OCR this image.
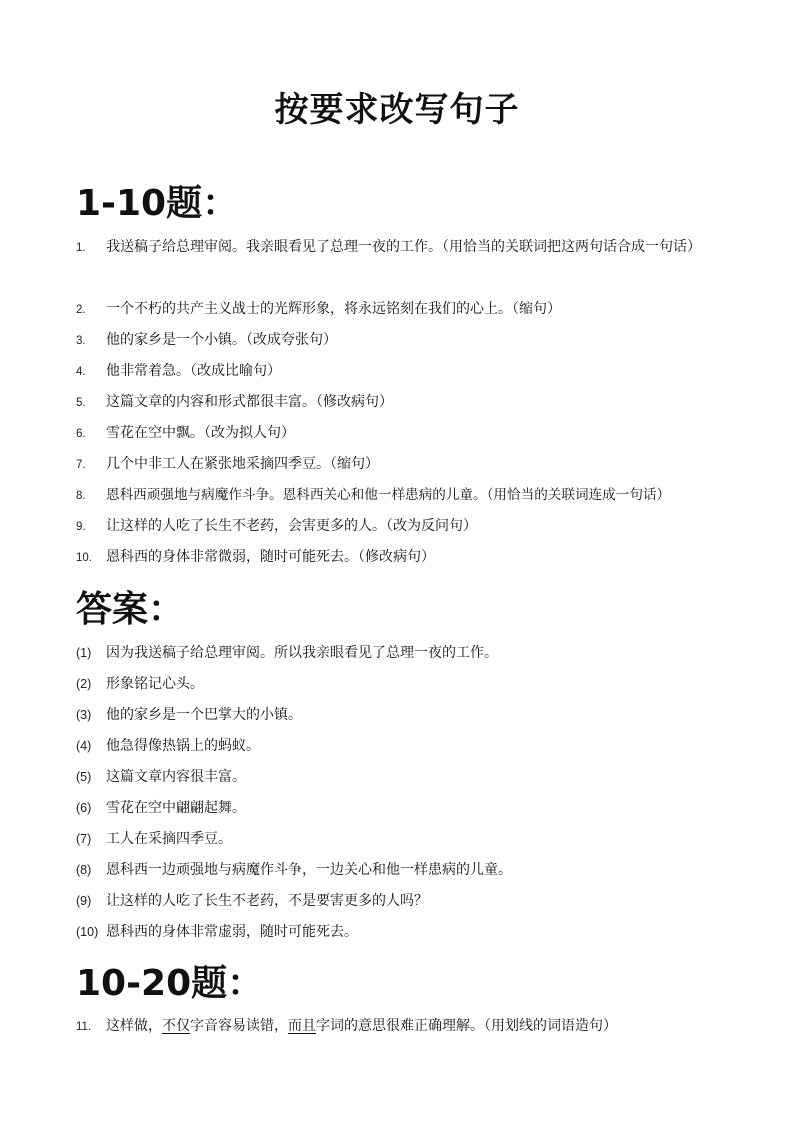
按要求改写句子
1-10题：
1. 我送稿子给总理审阅。我亲眼看见了总理一夜的工作。（用恰当的关联词把这两句话合成一句话）
2. 一个不朽的共产主义战士的光辉形象，将永远铭刻在我们的心上。（缩句）
3. 他的家乡是一个小镇。（改成夸张句）
4. 他非常着急。（改成比喻句）
5. 这篇文章的内容和形式都很丰富。（修改病句）
6. 雪花在空中飘。（改为拟人句）
7. 几个中非工人在紧张地采摘四季豆。（缩句）
8. 恩科西顽强地与病魔作斗争。恩科西关心和他一样患病的儿童。（用恰当的关联词连成一句话）
9. 让这样的人吃了长生不老药，会害更多的人。（改为反问句）
10. 恩科西的身体非常微弱，随时可能死去。（修改病句）
答案：
(1) 因为我送稿子给总理审阅。所以我亲眼看见了总理一夜的工作。
(2) 形象铭记心头。
(3) 他的家乡是一个巴掌大的小镇。
(4) 他急得像热锅上的蚂蚁。
(5) 这篇文章内容很丰富。
(6) 雪花在空中翩翩起舞。
(7) 工人在采摘四季豆。
(8) 恩科西一边顽强地与病魔作斗争，一边关心和他一样患病的儿童。
(9) 让这样的人吃了长生不老药，不是要害更多的人吗？
(10) 恩科西的身体非常虚弱，随时可能死去。
10-20题：
11. 这样做，不仅字音容易读错，而且字词的意思很难正确理解。（用划线的词语造句）
